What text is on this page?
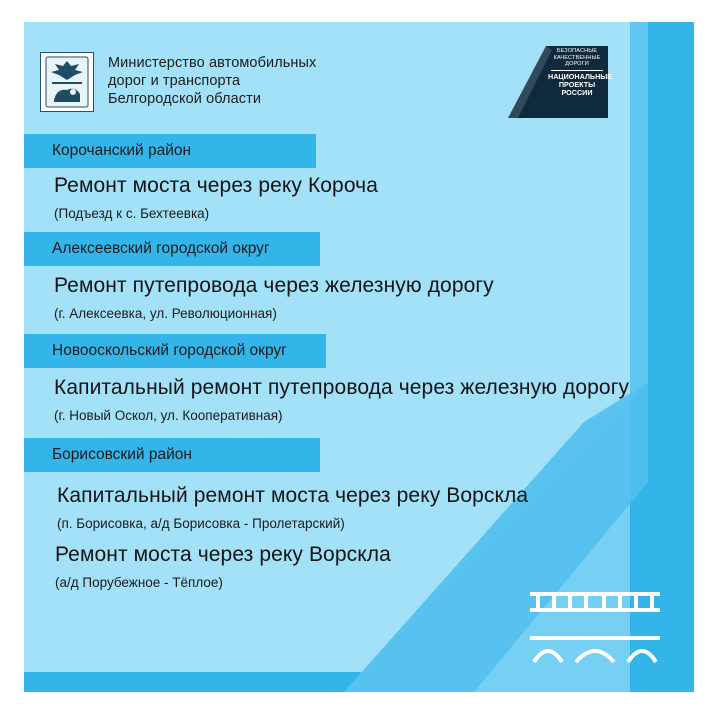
Министерство автомобильных
дорог и транспорта
Белгородской области
БЕЗОПАСНЫЕ
КАЧЕСТВЕННЫЕ ДОРОГИ
НАЦИОНАЛЬНЫЕ
ПРОЕКТЫ
РОССИИ
Корочанский район
Ремонт моста через реку Короча
(Подъезд к с. Бехтеевка)
Алексеевский городской округ
Ремонт путепровода через железную дорогу
(г. Алексеевка, ул. Революционная)
Новооскольский городской округ
Капитальный ремонт путепровода через железную дорогу
(г. Новый Оскол, ул. Кооперативная)
Борисовский район
Капитальный ремонт моста через реку Ворскла
(п. Борисовка, а/д Борисовка - Пролетарский)
Ремонт моста через реку Ворскла
(а/д Порубежное - Тёплое)
